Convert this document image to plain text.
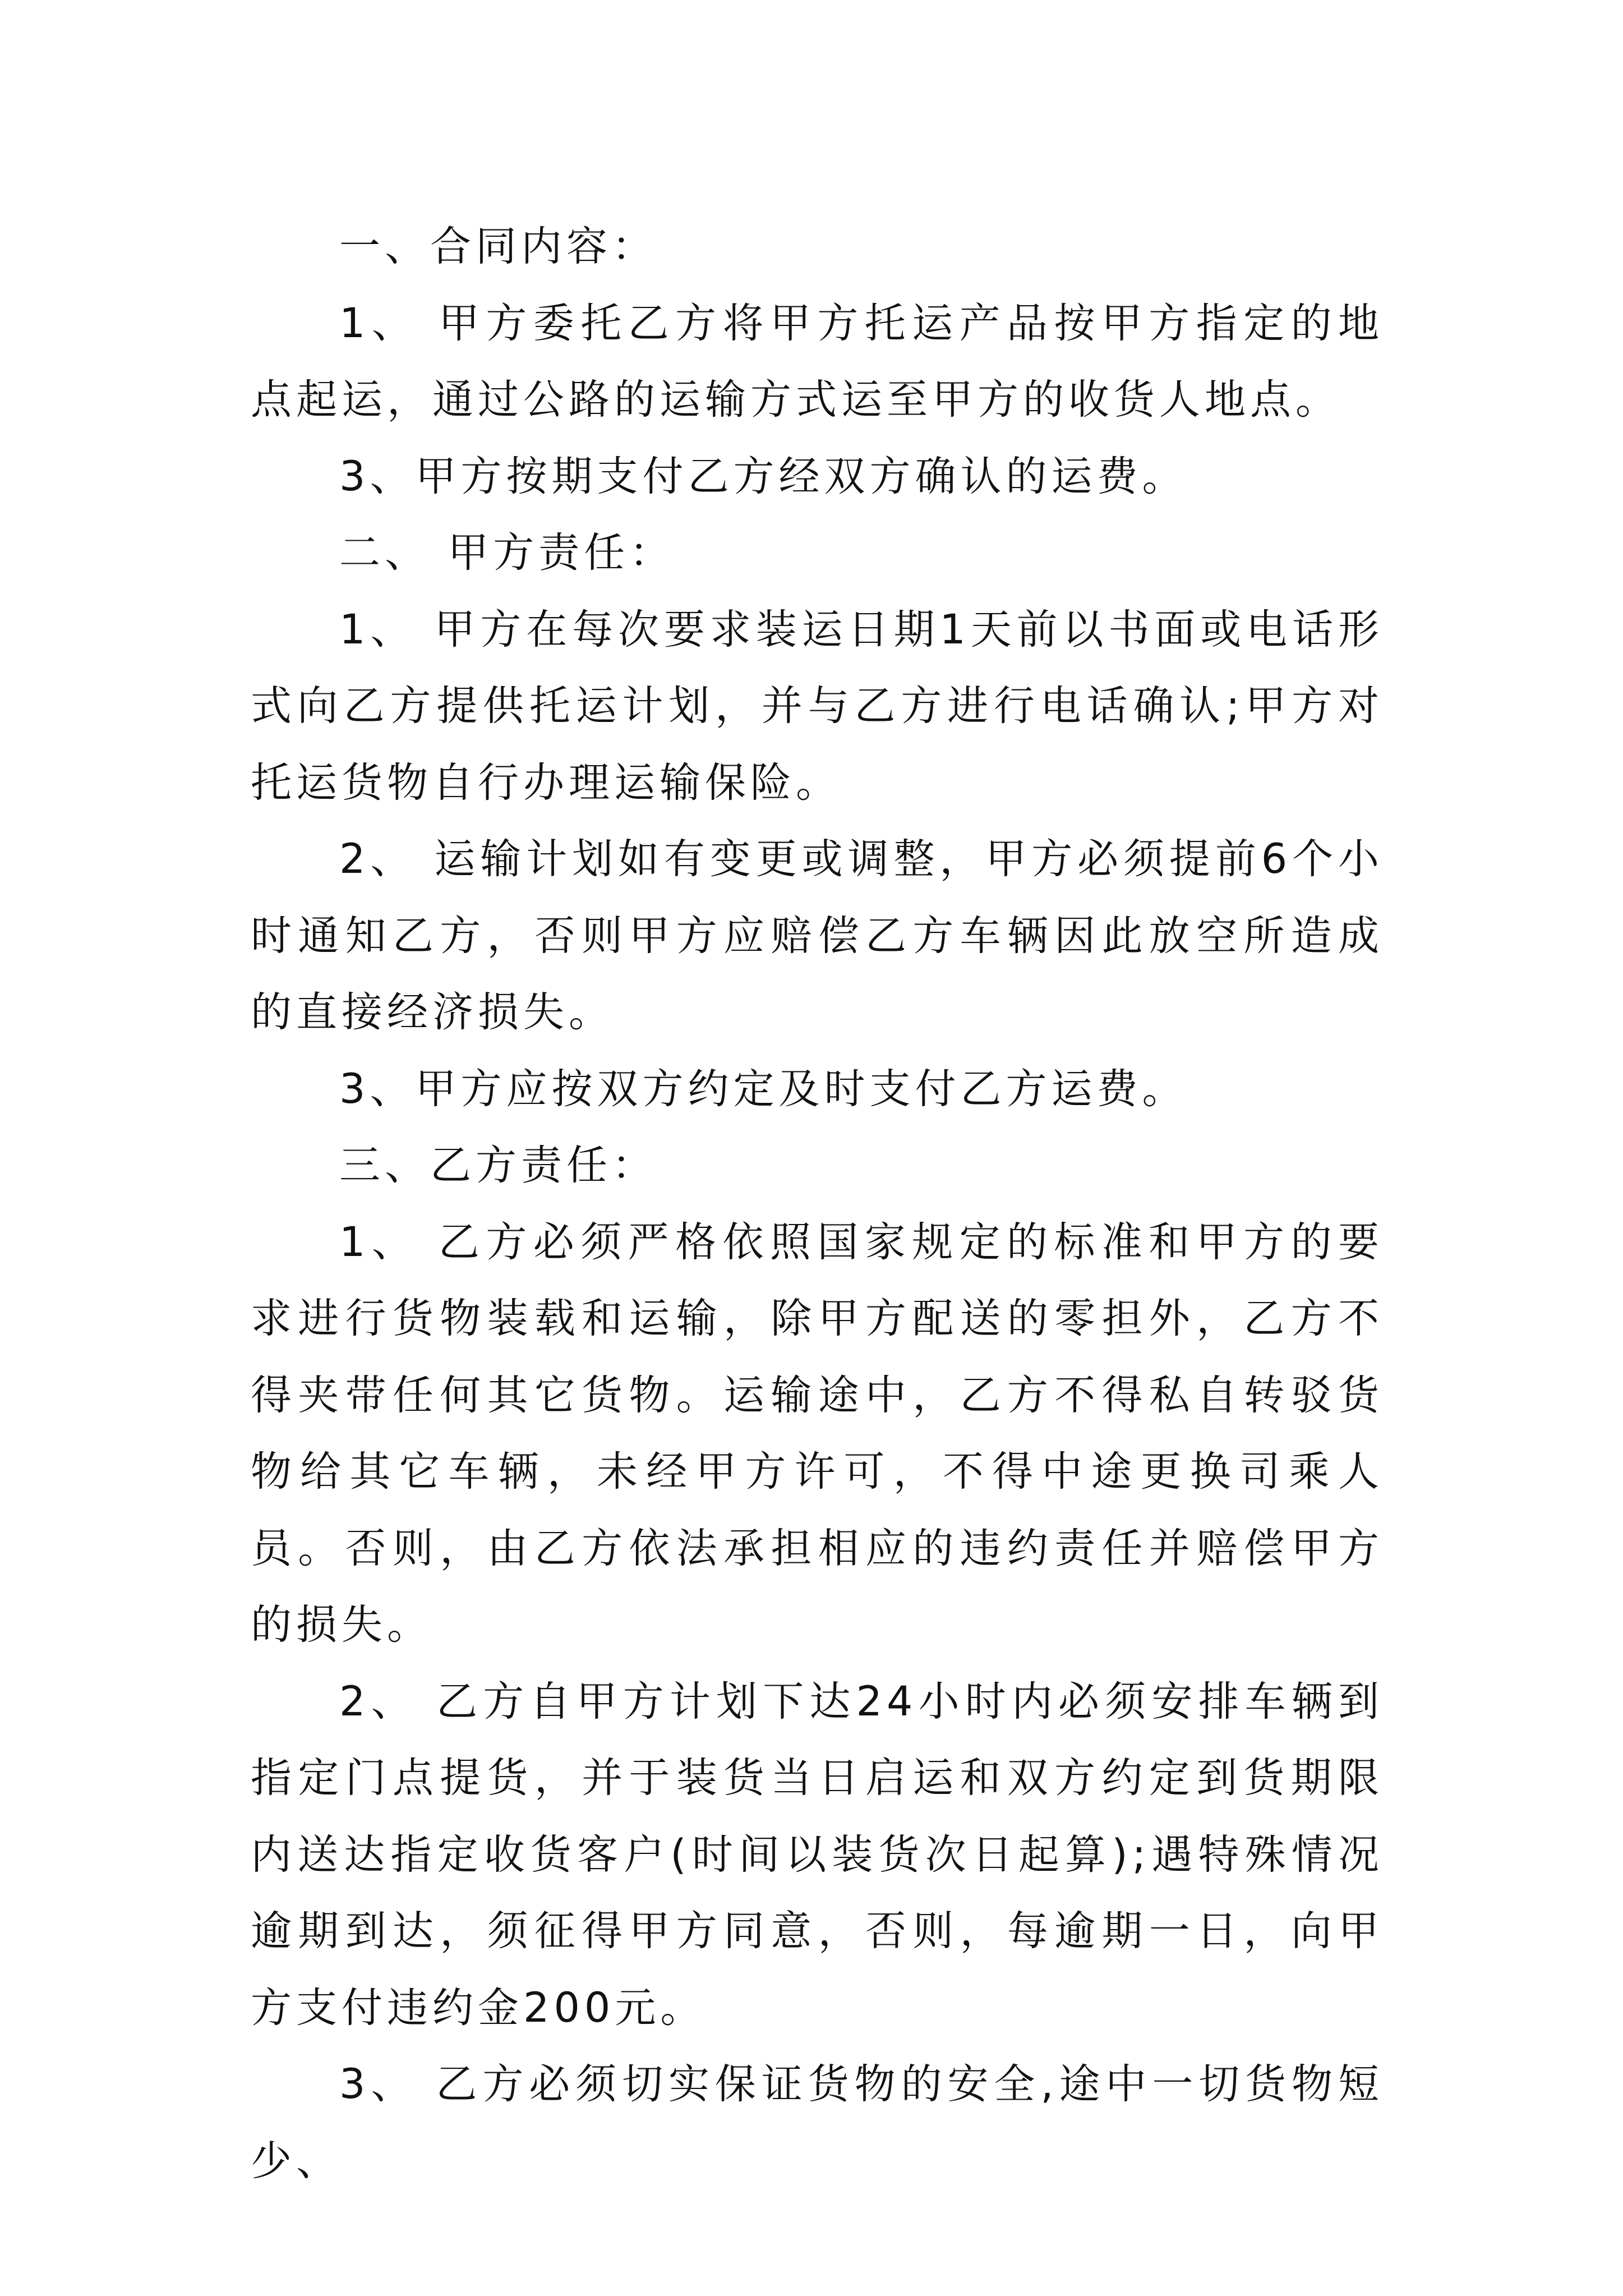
一、合同内容：

1、 甲方委托乙方将甲方托运产品按甲方指定的地点起运，通过公路的运输方式运至甲方的收货人地点。

3、甲方按期支付乙方经双方确认的运费。

二、 甲方责任：

1、 甲方在每次要求装运日期1天前以书面或电话形式向乙方提供托运计划，并与乙方进行电话确认;甲方对托运货物自行办理运输保险。

2、 运输计划如有变更或调整，甲方必须提前6个小时通知乙方，否则甲方应赔偿乙方车辆因此放空所造成的直接经济损失。

3、甲方应按双方约定及时支付乙方运费。

三、乙方责任：

1、 乙方必须严格依照国家规定的标准和甲方的要求进行货物装载和运输，除甲方配送的零担外，乙方不得夹带任何其它货物。运输途中，乙方不得私自转驳货物给其它车辆，未经甲方许可，不得中途更换司乘人员。否则，由乙方依法承担相应的违约责任并赔偿甲方的损失。

2、 乙方自甲方计划下达24小时内必须安排车辆到指定门点提货，并于装货当日启运和双方约定到货期限内送达指定收货客户(时间以装货次日起算);遇特殊情况逾期到达，须征得甲方同意，否则，每逾期一日，向甲方支付违约金200元。

3、 乙方必须切实保证货物的安全,途中一切货物短少、
